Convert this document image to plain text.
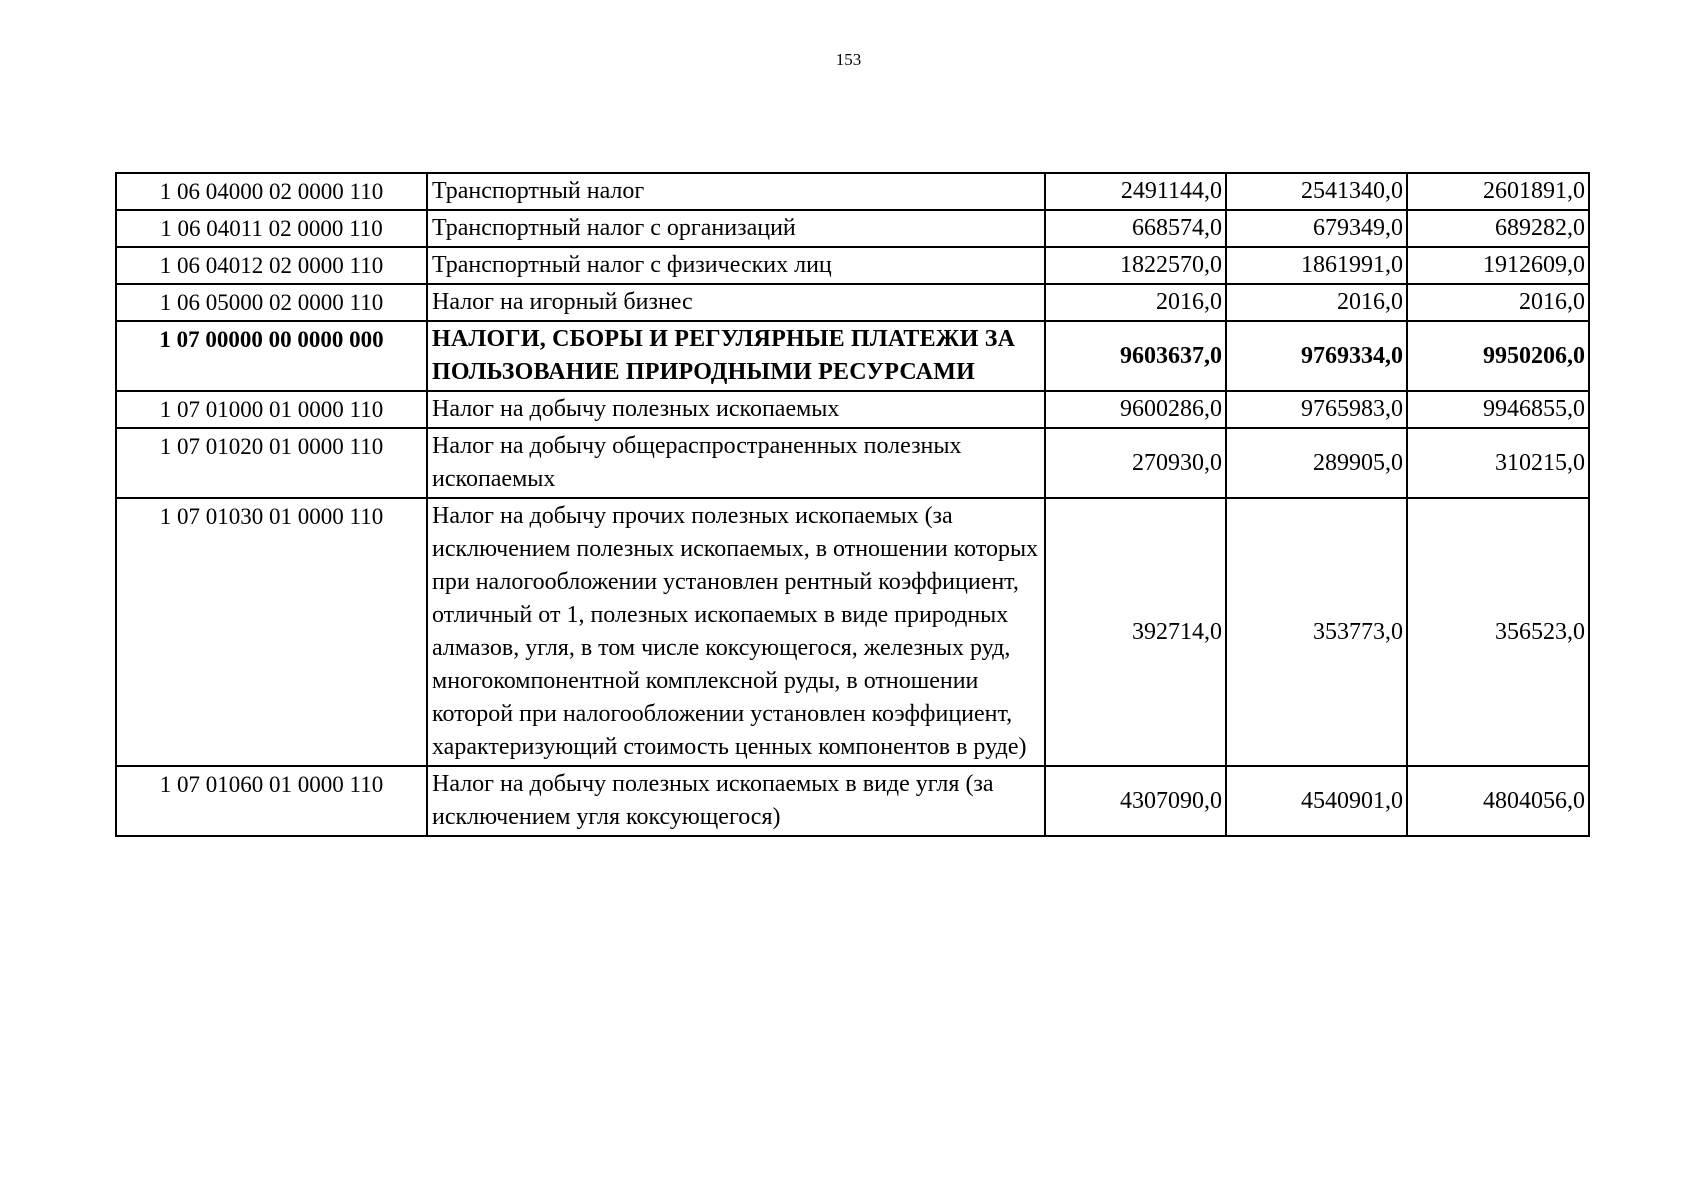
153
1 06 04000 02 0000 110	Транспортный налог	2491144,0	2541340,0	2601891,0
1 06 04011 02 0000 110	Транспортный налог с организаций	668574,0	679349,0	689282,0
1 06 04012 02 0000 110	Транспортный налог с физических лиц	1822570,0	1861991,0	1912609,0
1 06 05000 02 0000 110	Налог на игорный бизнес	2016,0	2016,0	2016,0
1 07 00000 00 0000 000	НАЛОГИ, СБОРЫ И РЕГУЛЯРНЫЕ ПЛАТЕЖИ ЗА ПОЛЬЗОВАНИЕ ПРИРОДНЫМИ РЕСУРСАМИ	9603637,0	9769334,0	9950206,0
1 07 01000 01 0000 110	Налог на добычу полезных ископаемых	9600286,0	9765983,0	9946855,0
1 07 01020 01 0000 110	Налог на добычу общераспространенных полезных ископаемых	270930,0	289905,0	310215,0
1 07 01030 01 0000 110	Налог на добычу прочих полезных ископаемых (за исключением полезных ископаемых, в отношении которых при налогообложении установлен рентный коэффициент, отличный от 1, полезных ископаемых в виде природных алмазов, угля, в том числе коксующегося, железных руд, многокомпонентной комплексной руды, в отношении которой при налогообложении установлен коэффициент, характеризующий стоимость ценных компонентов в руде)	392714,0	353773,0	356523,0
1 07 01060 01 0000 110	Налог на добычу полезных ископаемых в виде угля (за исключением угля коксующегося)	4307090,0	4540901,0	4804056,0
